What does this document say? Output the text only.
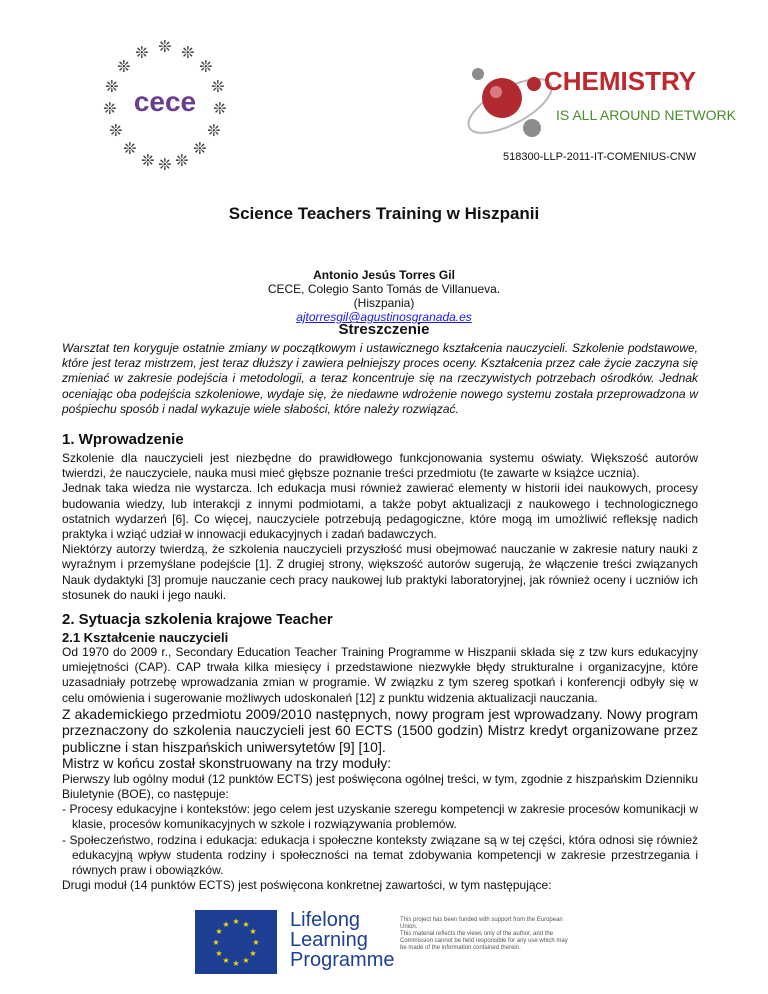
❊
❊ ❊
❊	❊
❊	❊
❊	❊
❊	❊
❊	❊
❊ ❊
❊
cece
CHEMISTRY
IS ALL AROUND NETWORK
518300-LLP-2011-IT-COMENIUS-CNW
Science Teachers Training w Hiszpanii
Antonio Jesús Torres Gil
CECE, Colegio Santo Tomás de Villanueva.
(Hiszpania)
ajtorresgil@agustinosgranada.es
Streszczenie
Warsztat ten koryguje ostatnie zmiany w początkowym i ustawicznego kształcenia nauczycieli. Szkolenie podstawowe, które jest teraz mistrzem, jest teraz dłuższy i zawiera pełniejszy proces oceny. Kształcenia przez całe życie zaczyna się zmieniać w zakresie podejścia i metodologii, a teraz koncentruje się na rzeczywistych potrzebach ośrodków. Jednak oceniając oba podejścia szkoleniowe, wydaje się, że niedawne wdrożenie nowego systemu została przeprowadzona w pośpiechu sposób i nadal wykazuje wiele słabości, które należy rozwiązać.
1. Wprowadzenie

Szkolenie dla nauczycieli jest niezbędne do prawidłowego funkcjonowania systemu oświaty. Większość autorów twierdzi, że nauczyciele, nauka musi mieć głębsze poznanie treści przedmiotu (te zawarte w książce ucznia).

Jednak taka wiedza nie wystarcza. Ich edukacja musi również zawierać elementy w historii idei naukowych, procesy budowania wiedzy, lub interakcji z innymi podmiotami, a także pobyt aktualizacji z naukowego i technologicznego ostatnich wydarzeń [6]. Co więcej, nauczyciele potrzebują pedagogiczne, które mogą im umożliwić refleksję nadich praktyka i wziąć udział w innowacji edukacyjnych i zadań badawczych.

Niektórzy autorzy twierdzą, że szkolenia nauczycieli przyszłość musi obejmować nauczanie w zakresie natury nauki z wyraźnym i przemyślane podejście [1]. Z drugiej strony, większość autorów sugerują, że włączenie treści związanych Nauk dydaktyki [3] promuje nauczanie cech pracy naukowej lub praktyki laboratoryjnej, jak również oceny i uczniów ich stosunek do nauki i jego nauki.

2. Sytuacja szkolenia krajowe Teacher
2.1 Kształcenie nauczycieli

Od 1970 do 2009 r., Secondary Education Teacher Training Programme w Hiszpanii składa się z tzw kurs edukacyjny umiejętności (CAP). CAP trwała kilka miesięcy i przedstawione niezwykłe błędy strukturalne i organizacyjne, które uzasadniały potrzebę wprowadzania zmian w programie. W związku z tym szereg spotkań i konferencji odbyły się w celu omówienia i sugerowanie możliwych udoskonaleń [12] z punktu widzenia aktualizacji nauczania.

Z akademickiego przedmiotu 2009/2010 następnych, nowy program jest wprowadzany. Nowy program przeznaczony do szkolenia nauczycieli jest 60 ECTS (1500 godzin) Mistrz kredyt organizowane przez publiczne i stan hiszpańskich uniwersytetów [9] [10].

Mistrz w końcu został skonstruowany na trzy moduły:

Pierwszy lub ogólny moduł (12 punktów ECTS) jest poświęcona ogólnej treści, w tym, zgodnie z hiszpańskim Dzienniku Biuletynie (BOE), co następuje:

- Procesy edukacyjne i kontekstów: jego celem jest uzyskanie szeregu kompetencji w zakresie procesów komunikacji w klasie, procesów komunikacyjnych w szkole i rozwiązywania problemów.

- Społeczeństwo, rodzina i edukacja: edukacja i społeczne konteksty związane są w tej części, która odnosi się również edukacyjną wpływ studenta rodziny i społeczności na temat zdobywania kompetencji w zakresie przestrzegania i równych praw i obowiązków.

Drugi moduł (14 punktów ECTS) jest poświęcona konkretnej zawartości, w tym następujące:

★ ★
★
★
★
★
★
★
★
★
★
★	Lifelong
Learning
Programme
This project has been funded with support from the European Union.
This material reflects the views only of the author, and the Commission cannot be held responsible for any use which may be made of the information contained therein.
